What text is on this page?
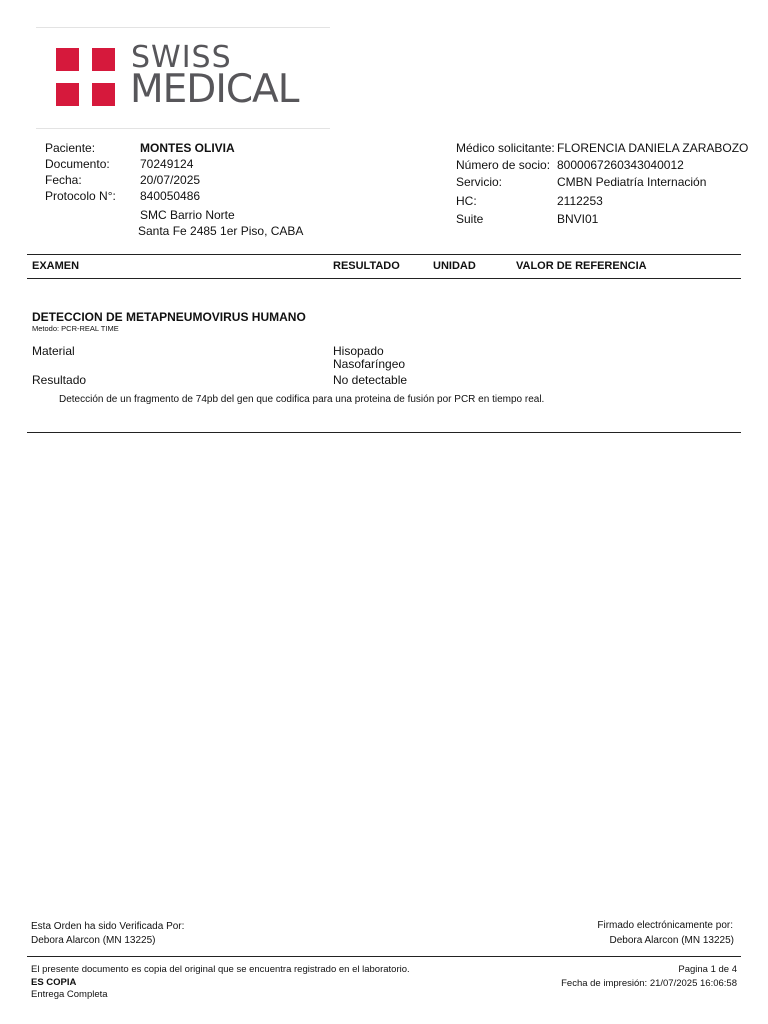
SWISS
MEDICAL
Paciente:	MONTES OLIVIA
Documento:	70249124
Fecha:	20/07/2025
Protocolo N°: 840050486
SMC Barrio Norte
Santa Fe 2485 1er Piso, CABA
Médico solicitante: FLORENCIA DANIELA ZARABOZO
Número de socio: 8000067260343040012
Servicio:	CMBN Pediatría Internación
HC:	2112253
Suite	BNVI01
EXAMEN	RESULTADO	UNIDAD	VALOR DE REFERENCIA
DETECCION DE METAPNEUMOVIRUS HUMANO
Metodo: PCR-REAL TIME
Material	Hisopado
Nasofaríngeo
Resultado	No detectable
Detección de un fragmento de 74pb del gen que codifica para una proteina de fusión por PCR en tiempo real.
Esta Orden ha sido Verificada Por:
Debora Alarcon (MN 13225)
Firmado electrónicamente por:
Debora Alarcon (MN 13225)
El presente documento es copia del original que se encuentra registrado en el laboratorio.
ES COPIA
Entrega Completa
Pagina 1 de 4
Fecha de impresión: 21/07/2025 16:06:58
